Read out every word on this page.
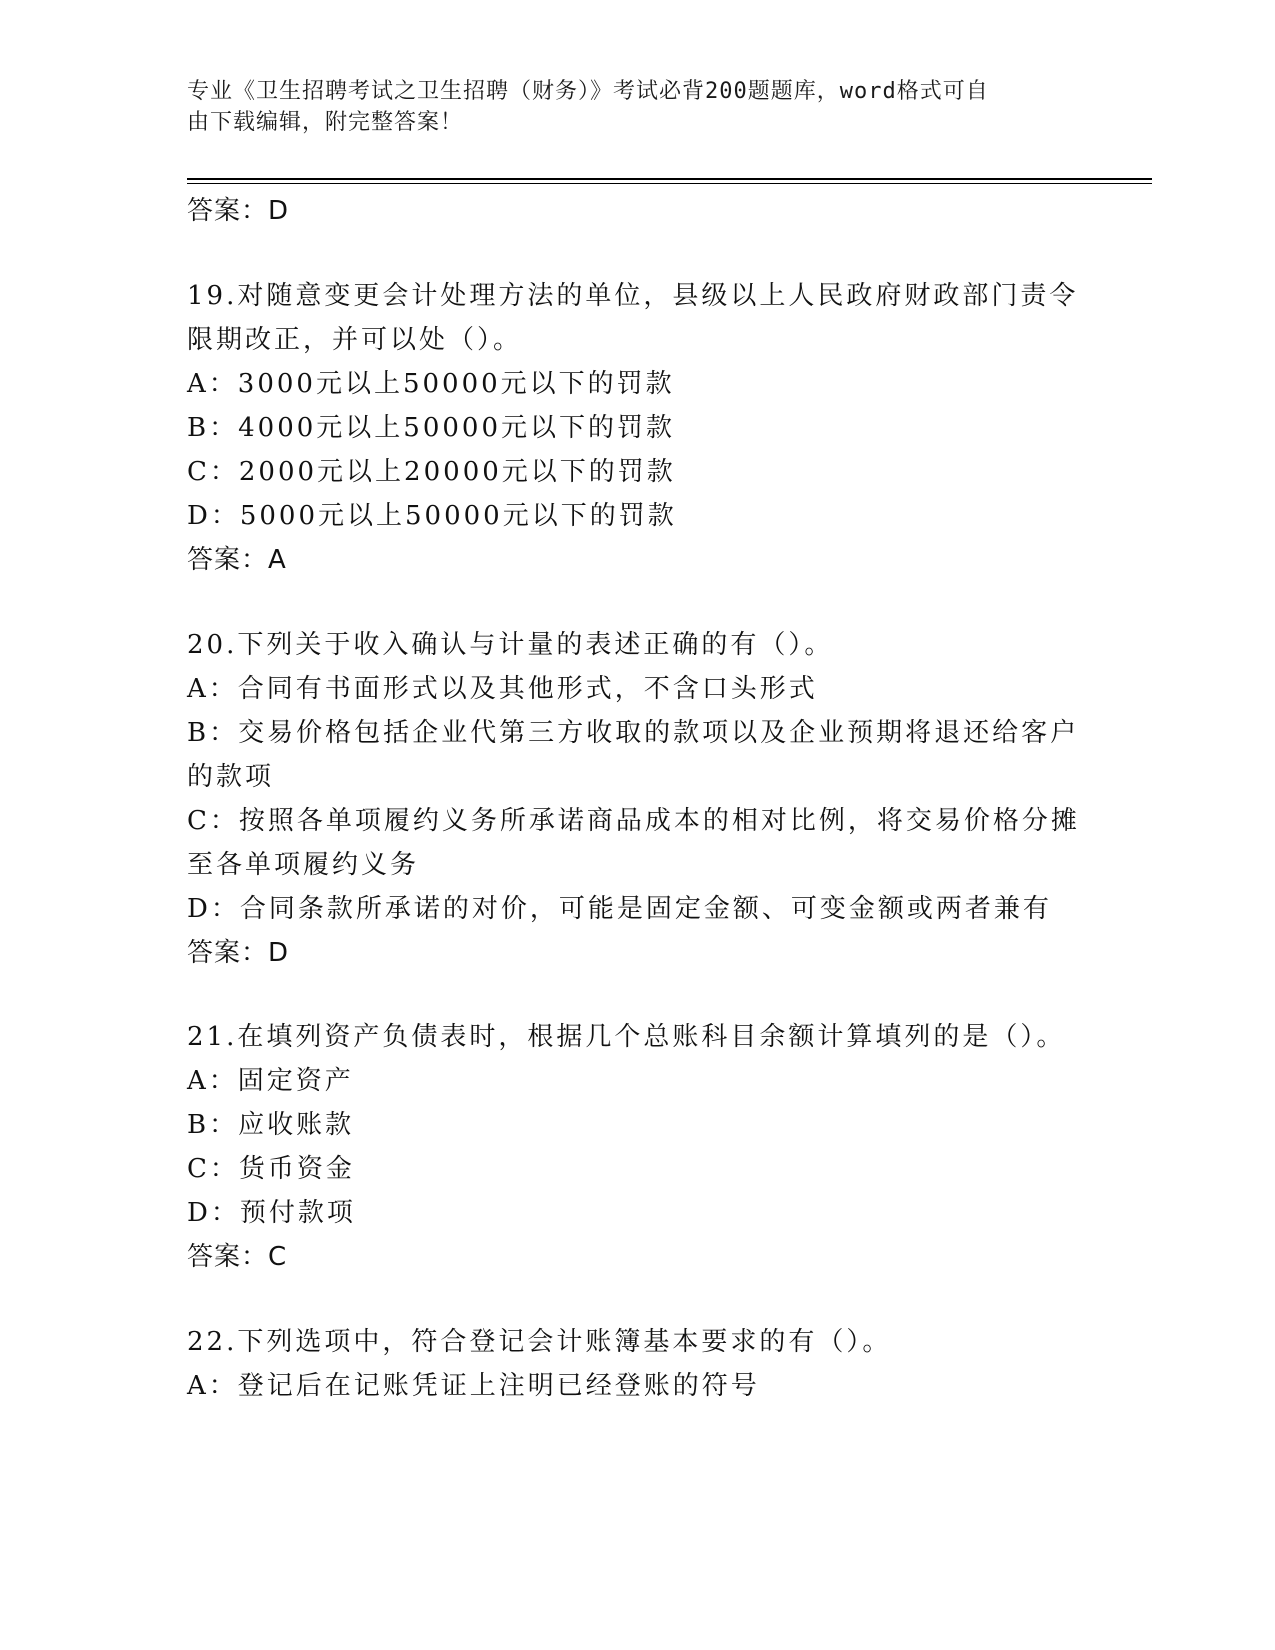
专业《卫生招聘考试之卫生招聘（财务）》考试必背200题题库，word格式可自
由下载编辑，附完整答案！
答案：D
19.对随意变更会计处理方法的单位，县级以上人民政府财政部门责令
限期改正，并可以处（）。
A：3000元以上50000元以下的罚款
B：4000元以上50000元以下的罚款
C：2000元以上20000元以下的罚款
D：5000元以上50000元以下的罚款
答案：A
20.下列关于收入确认与计量的表述正确的有（）。
A：合同有书面形式以及其他形式，不含口头形式
B：交易价格包括企业代第三方收取的款项以及企业预期将退还给客户
的款项
C：按照各单项履约义务所承诺商品成本的相对比例，将交易价格分摊
至各单项履约义务
D：合同条款所承诺的对价，可能是固定金额、可变金额或两者兼有
答案：D
21.在填列资产负债表时，根据几个总账科目余额计算填列的是（）。
A：固定资产
B：应收账款
C：货币资金
D：预付款项
答案：C
22.下列选项中，符合登记会计账簿基本要求的有（）。
A：登记后在记账凭证上注明已经登账的符号
